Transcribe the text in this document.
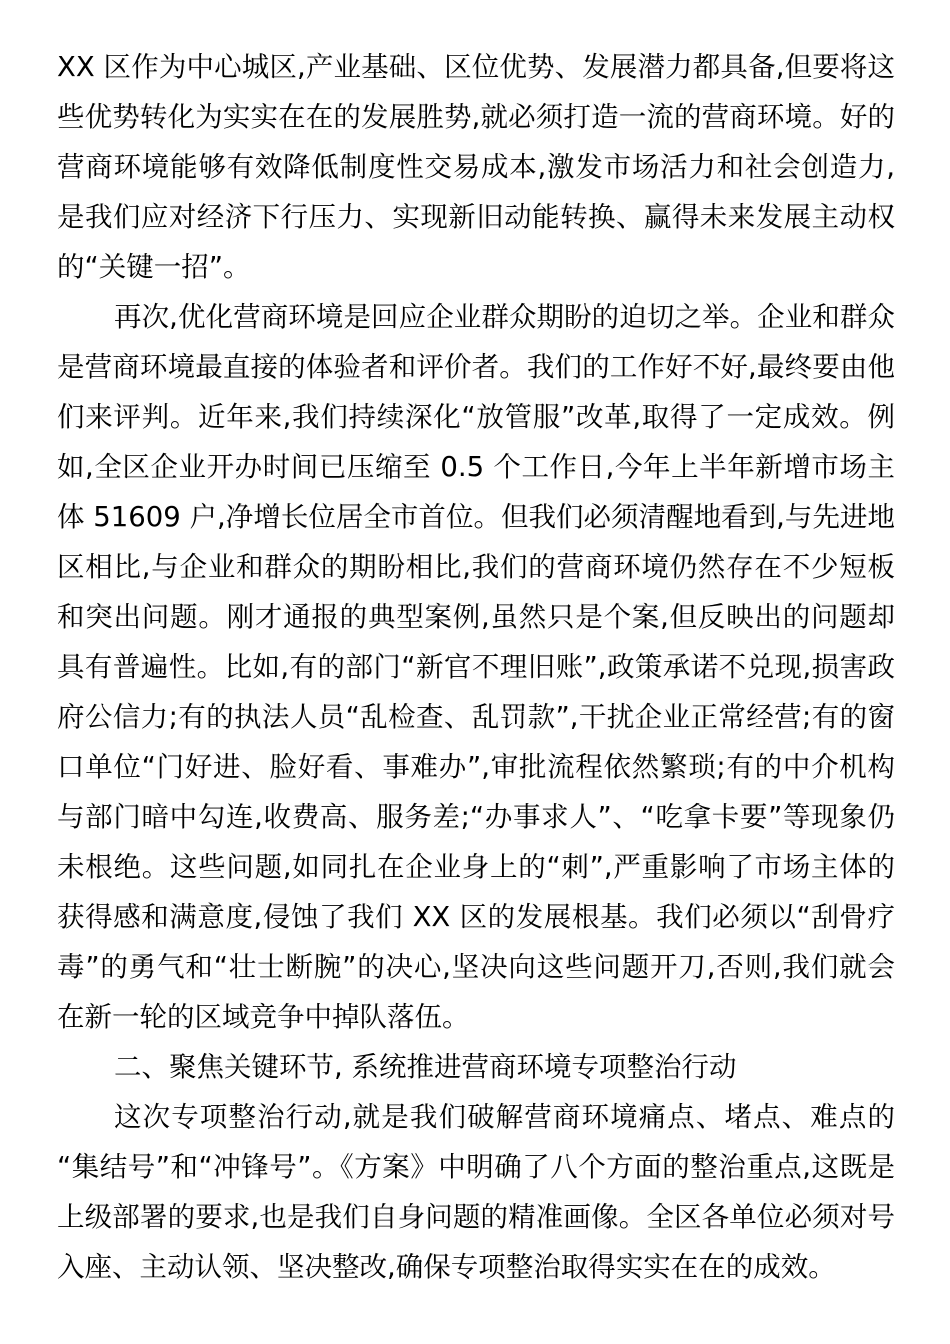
XX 区作为中心城区,产业基础、区位优势、发展潜力都具备,但要将这些优势转化为实实在在的发展胜势,就必须打造一流的营商环境。好的营商环境能够有效降低制度性交易成本,激发市场活力和社会创造力,是我们应对经济下行压力、实现新旧动能转换、赢得未来发展主动权的“关键一招”。

再次,优化营商环境是回应企业群众期盼的迫切之举。企业和群众是营商环境最直接的体验者和评价者。我们的工作好不好,最终要由他们来评判。近年来,我们持续深化“放管服”改革,取得了一定成效。例如,全区企业开办时间已压缩至 0.5 个工作日,今年上半年新增市场主体 51609 户,净增长位居全市首位。但我们必须清醒地看到,与先进地区相比,与企业和群众的期盼相比,我们的营商环境仍然存在不少短板和突出问题。刚才通报的典型案例,虽然只是个案,但反映出的问题却具有普遍性。比如,有的部门“新官不理旧账”,政策承诺不兑现,损害政府公信力;有的执法人员“乱检查、乱罚款”,干扰企业正常经营;有的窗口单位“门好进、脸好看、事难办”,审批流程依然繁琐;有的中介机构与部门暗中勾连,收费高、服务差;“办事求人”、“吃拿卡要”等现象仍未根绝。这些问题,如同扎在企业身上的“刺”,严重影响了市场主体的获得感和满意度,侵蚀了我们 XX 区的发展根基。我们必须以“刮骨疗毒”的勇气和“壮士断腕”的决心,坚决向这些问题开刀,否则,我们就会在新一轮的区域竞争中掉队落伍。

二、聚焦关键环节, 系统推进营商环境专项整治行动

这次专项整治行动,就是我们破解营商环境痛点、堵点、难点的“集结号”和“冲锋号”。《方案》中明确了八个方面的整治重点,这既是上级部署的要求,也是我们自身问题的精准画像。全区各单位必须对号入座、主动认领、坚决整改,确保专项整治取得实实在在的成效。
